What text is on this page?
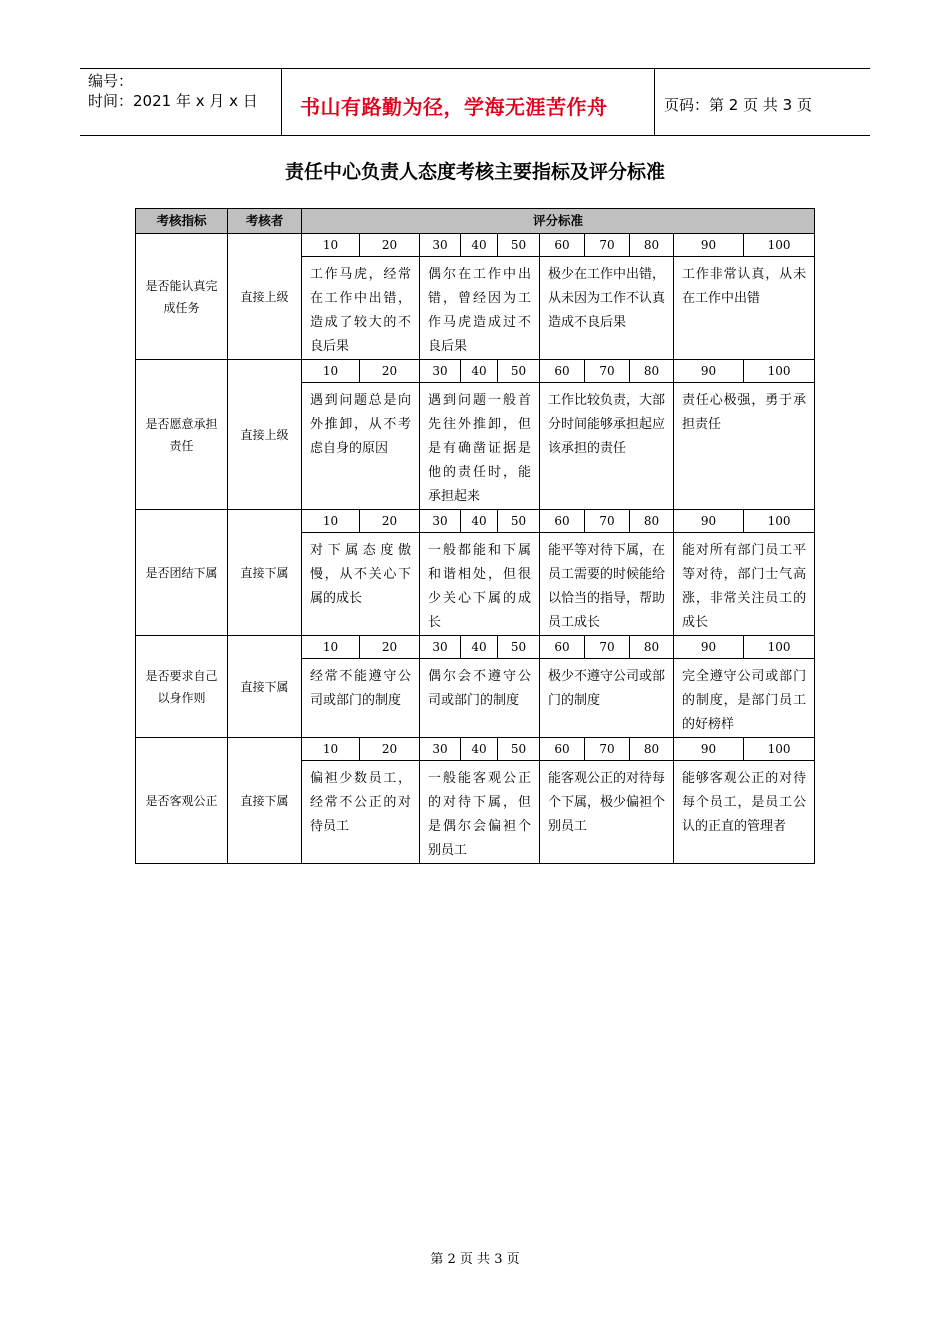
编号：
时间：2021 年 x 月 x 日 书山有路勤为径，学海无涯苦作舟	页码：第 2 页 共 3 页
责任中心负责人态度考核主要指标及评分标准
考核指标	考核者	评分标准									
是否能认真完成任务	直接上级	10	20	30	40	50	60	70	80	90	100
		工作马虎，经常在工作中出错，造成了较大的不良后果		偶尔在工作中出错，曾经因为工作马虎造成过不良后果			极少在工作中出错，从未因为工作不认真造成不良后果			工作非常认真，从未在工作中出错	
是否愿意承担责任	直接上级	10	20	30	40	50	60	70	80	90	100
		遇到问题总是向外推卸，从不考虑自身的原因		遇到问题一般首先往外推卸，但是有确凿证据是他的责任时，能承担起来			工作比较负责，大部分时间能够承担起应该承担的责任			责任心极强，勇于承担责任	
是否团结下属	直接下属	10	20	30	40	50	60	70	80	90	100
		对下属态度傲慢，从不关心下属的成长		一般都能和下属和谐相处，但很少关心下属的成长			能平等对待下属，在员工需要的时候能给以恰当的指导，帮助员工成长			能对所有部门员工平等对待，部门士气高涨，非常关注员工的成长	
是否要求自己以身作则	直接下属	10	20	30	40	50	60	70	80	90	100
		经常不能遵守公司或部门的制度		偶尔会不遵守公司或部门的制度			极少不遵守公司或部门的制度			完全遵守公司或部门的制度，是部门员工的好榜样	
是否客观公正	直接下属	10	20	30	40	50	60	70	80	90	100
		偏袒少数员工，经常不公正的对待员工		一般能客观公正的对待下属，但是偶尔会偏袒个别员工			能客观公正的对待每个下属，极少偏袒个别员工			能够客观公正的对待每个员工，是员工公认的正直的管理者	
第 2 页 共 3 页
